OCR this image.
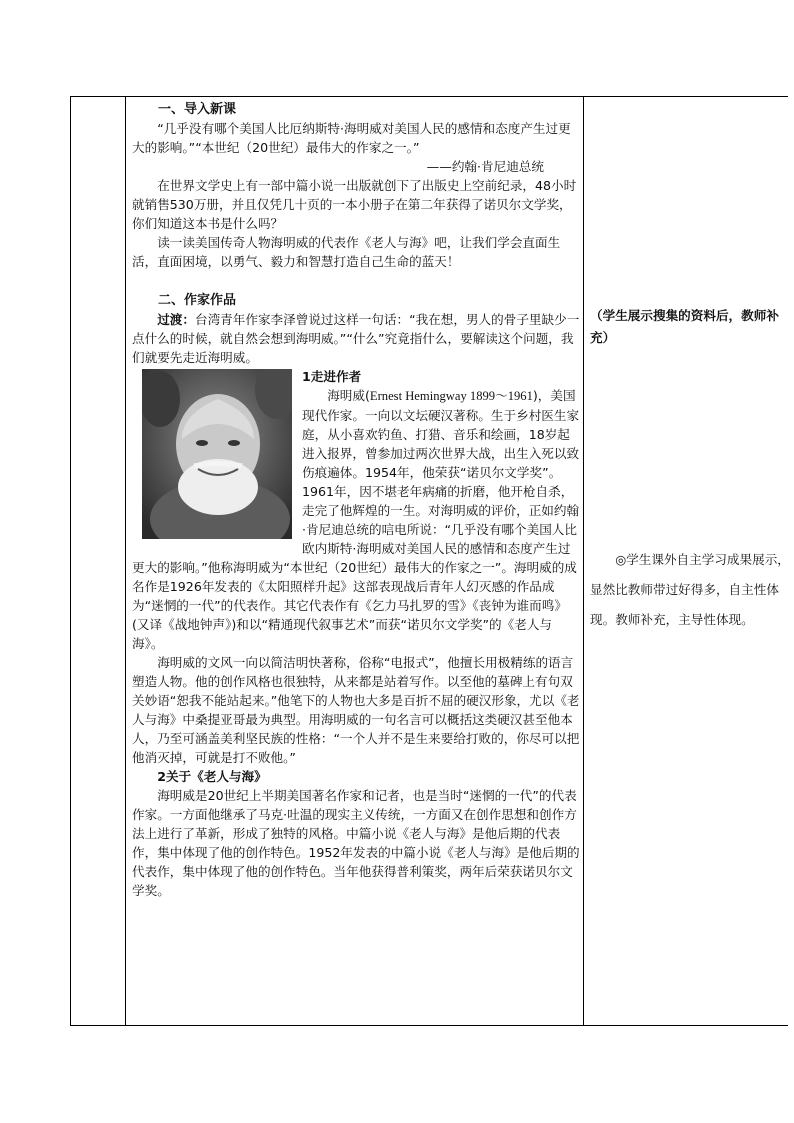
一、导入新课

“几乎没有哪个美国人比厄纳斯特·海明威对美国人民的感情和态度产生过更大的影响。”“本世纪（20世纪）最伟大的作家之一。”

——约翰·肯尼迪总统

在世界文学史上有一部中篇小说一出版就创下了出版史上空前纪录，48小时就销售530万册，并且仅凭几十页的一本小册子在第二年获得了诺贝尔文学奖，你们知道这本书是什么吗？

读一读美国传奇人物海明威的代表作《老人与海》吧，让我们学会直面生活，直面困境，以勇气、毅力和智慧打造自己生命的蓝天！

二、作家作品

过渡：台湾青年作家李泽曾说过这样一句话：“我在想，男人的骨子里缺少一点什么的时候，就自然会想到海明威。”“什么”究竟指什么，要解读这个问题，我们就要先走近海明威。

1走进作者

海明威(Ernest Hemingway 1899～1961)，美国现代作家。一向以文坛硬汉著称。生于乡村医生家庭，从小喜欢钓鱼、打猎、音乐和绘画，18岁起进入报界，曾参加过两次世界大战，出生入死以致伤痕遍体。1954年，他荣获“诺贝尔文学奖”。1961年，因不堪老年病痛的折磨，他开枪自杀，走完了他辉煌的一生。对海明威的评价，正如约翰·肯尼迪总统的唁电所说：“几乎没有哪个美国人比欧内斯特·海明威对美国人民的感情和态度产生过更大的影响。”他称海明威为“本世纪（20世纪）最伟大的作家之一”。海明威的成名作是1926年发表的《太阳照样升起》这部表现战后青年人幻灭感的作品成为“迷惘的一代”的代表作。其它代表作有《乞力马扎罗的雪》《丧钟为谁而鸣》(又译《战地钟声》)和以“精通现代叙事艺术”而获“诺贝尔文学奖”的《老人与海》。

海明威的文风一向以简洁明快著称，俗称“电报式”，他擅长用极精练的语言塑造人物。他的创作风格也很独特，从来都是站着写作。以至他的墓碑上有句双关妙语“恕我不能站起来。”他笔下的人物也大多是百折不屈的硬汉形象，尤以《老人与海》中桑提亚哥最为典型。用海明威的一句名言可以概括这类硬汉甚至他本人，乃至可涵盖美利坚民族的性格：“一个人并不是生来要给打败的，你尽可以把他消灭掉，可就是打不败他。”

2关于《老人与海》

海明威是20世纪上半期美国著名作家和记者，也是当时“迷惘的一代”的代表作家。一方面他继承了马克·吐温的现实主义传统，一方面又在创作思想和创作方法上进行了革新，形成了独特的风格。中篇小说《老人与海》是他后期的代表作，集中体现了他的创作特色。1952年发表的中篇小说《老人与海》是他后期的代表作，集中体现了他的创作特色。当年他获得普利策奖，两年后荣获诺贝尔文学奖。

（学生展示搜集的资料后，教师补充）
◎学生课外自主学习成果展示，显然比教师带过好得多，自主性体现。教师补充，主导性体现。
